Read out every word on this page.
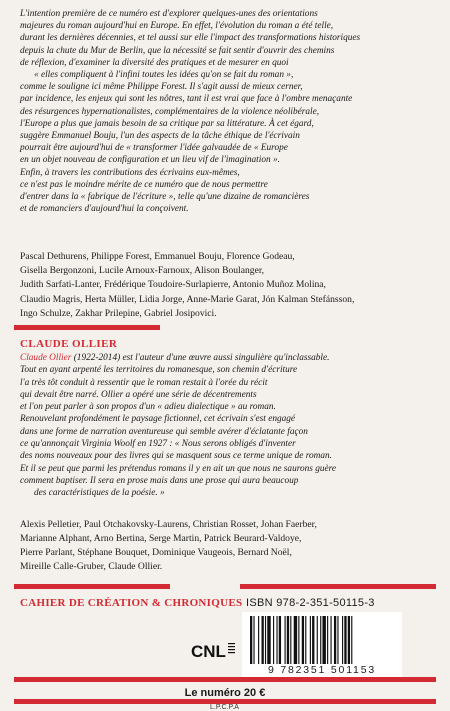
L'intention première de ce numéro est d'explorer quelques-unes des orientations

majeures du roman aujourd'hui en Europe. En effet, l'évolution du roman a été telle,

durant les dernières décennies, et tel aussi sur elle l'impact des transformations historiques

depuis la chute du Mur de Berlin, que la nécessité se fait sentir d'ouvrir des chemins

de réflexion, d'examiner la diversité des pratiques et de mesurer en quoi

« elles compliquent à l'infini toutes les idées qu'on se fait du roman »,

comme le souligne ici même Philippe Forest. Il s'agit aussi de mieux cerner,

par incidence, les enjeux qui sont les nôtres, tant il est vrai que face à l'ombre menaçante

des résurgences hypernationalistes, complémentaires de la violence néolibérale,

l'Europe a plus que jamais besoin de sa critique par sa littérature. À cet égard,

suggère Emmanuel Bouju, l'un des aspects de la tâche éthique de l'écrivain

pourrait être aujourd'hui de « transformer l'idée galvaudée de « Europe

en un objet nouveau de configuration et un lieu vif de l'imagination ».

Enfin, à travers les contributions des écrivains eux-mêmes,

ce n'est pas le moindre mérite de ce numéro que de nous permettre

d'entrer dans la « fabrique de l'écriture », telle qu'une dizaine de romancières

et de romanciers d'aujourd'hui la conçoivent.

Pascal Dethurens, Philippe Forest, Emmanuel Bouju, Florence Godeau,

Gisella Bergonzoni, Lucile Arnoux-Farnoux, Alison Boulanger,

Judith Sarfati-Lanter, Frédérique Toudoire-Surlapierre, Antonio Muñoz Molina,

Claudio Magris, Herta Müller, Lidia Jorge, Anne-Marie Garat, Jón Kalman Stefánsson,

Ingo Schulze, Zakhar Prilepine, Gabriel Josipovici.

CLAUDE OLLIER

Claude Ollier (1922-2014) est l'auteur d'une œuvre aussi singulière qu'inclassable.

Tout en ayant arpenté les territoires du romanesque, son chemin d'écriture

l'a très tôt conduit à ressentir que le roman restait à l'orée du récit

qui devait être narré. Ollier a opéré une série de décentrements

et l'on peut parler à son propos d'un « adieu dialectique » au roman.

Renouvelant profondément le paysage fictionnel, cet écrivain s'est engagé

dans une forme de narration aventureuse qui semble avérer d'éclatante façon

ce qu'annonçait Virginia Woolf en 1927 : « Nous serons obligés d'inventer

des noms nouveaux pour des livres qui se masquent sous ce terme unique de roman.

Et il se peut que parmi les prétendus romans il y en ait un que nous ne saurons guère

comment baptiser. Il sera en prose mais dans une prose qui aura beaucoup

des caractéristiques de la poésie. »

Alexis Pelletier, Paul Otchakovsky-Laurens, Christian Rosset, Johan Faerber,

Marianne Alphant, Arno Bertina, Serge Martin, Patrick Beurard-Valdoye,

Pierre Parlant, Stéphane Bouquet, Dominique Vaugeois, Bernard Noël,

Mireille Calle-Gruber, Claude Ollier.

CAHIER DE CRÉATION & CHRONIQUES ISBN 978-2-351-50115-3
CNL
9 782351 501153
Le numéro 20 €
L.P.C.P.A
